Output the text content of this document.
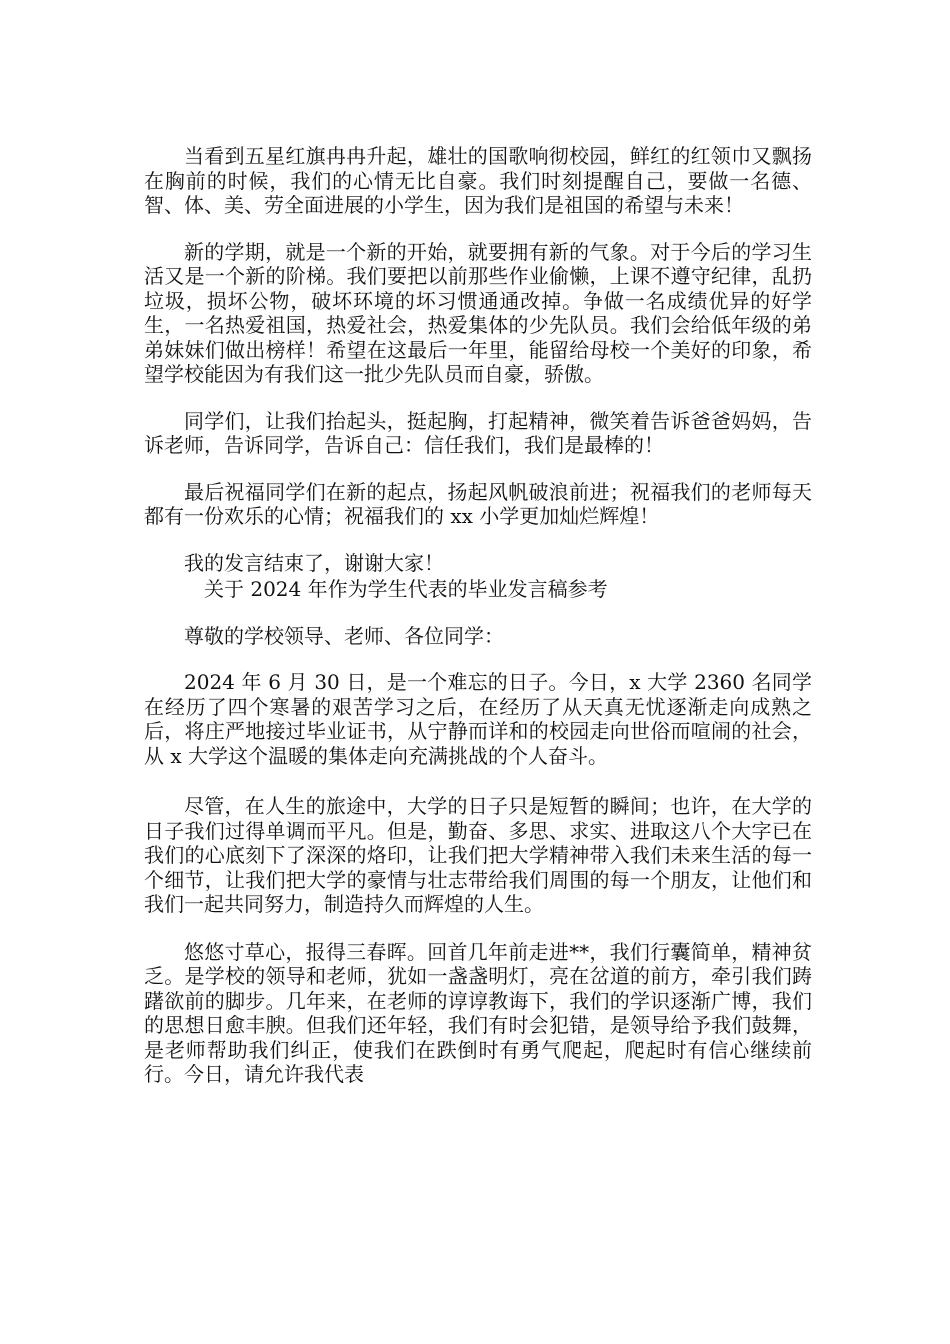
当看到五星红旗冉冉升起，雄壮的国歌响彻校园，鲜红的红领巾又飘扬在胸前的时候，我们的心情无比自豪。我们时刻提醒自己，要做一名德、智、体、美、劳全面进展的小学生，因为我们是祖国的希望与未来！

新的学期，就是一个新的开始，就要拥有新的气象。对于今后的学习生活又是一个新的阶梯。我们要把以前那些作业偷懒，上课不遵守纪律，乱扔垃圾，损坏公物，破坏环境的坏习惯通通改掉。争做一名成绩优异的好学生，一名热爱祖国，热爱社会，热爱集体的少先队员。我们会给低年级的弟弟妹妹们做出榜样！希望在这最后一年里，能留给母校一个美好的印象，希望学校能因为有我们这一批少先队员而自豪，骄傲。

同学们，让我们抬起头，挺起胸，打起精神，微笑着告诉爸爸妈妈，告诉老师，告诉同学，告诉自己：信任我们，我们是最棒的！

最后祝福同学们在新的起点，扬起风帆破浪前进；祝福我们的老师每天都有一份欢乐的心情；祝福我们的 xx 小学更加灿烂辉煌！

我的发言结束了，谢谢大家！

关于 2024 年作为学生代表的毕业发言稿参考

尊敬的学校领导、老师、各位同学：

2024 年 6 月 30 日，是一个难忘的日子。今日，x 大学 2360 名同学在经历了四个寒暑的艰苦学习之后，在经历了从天真无忧逐渐走向成熟之后，将庄严地接过毕业证书，从宁静而详和的校园走向世俗而喧闹的社会，从 x 大学这个温暖的集体走向充满挑战的个人奋斗。

尽管，在人生的旅途中，大学的日子只是短暂的瞬间；也许，在大学的日子我们过得单调而平凡。但是，勤奋、多思、求实、进取这八个大字已在我们的心底刻下了深深的烙印，让我们把大学精神带入我们未来生活的每一个细节，让我们把大学的豪情与壮志带给我们周围的每一个朋友，让他们和我们一起共同努力，制造持久而辉煌的人生。

悠悠寸草心，报得三春晖。回首几年前走进**，我们行囊简单，精神贫乏。是学校的领导和老师，犹如一盏盏明灯，亮在岔道的前方，牵引我们踌躇欲前的脚步。几年来，在老师的谆谆教诲下，我们的学识逐渐广博，我们的思想日愈丰腴。但我们还年轻，我们有时会犯错，是领导给予我们鼓舞，是老师帮助我们纠正，使我们在跌倒时有勇气爬起，爬起时有信心继续前行。今日，请允许我代表
